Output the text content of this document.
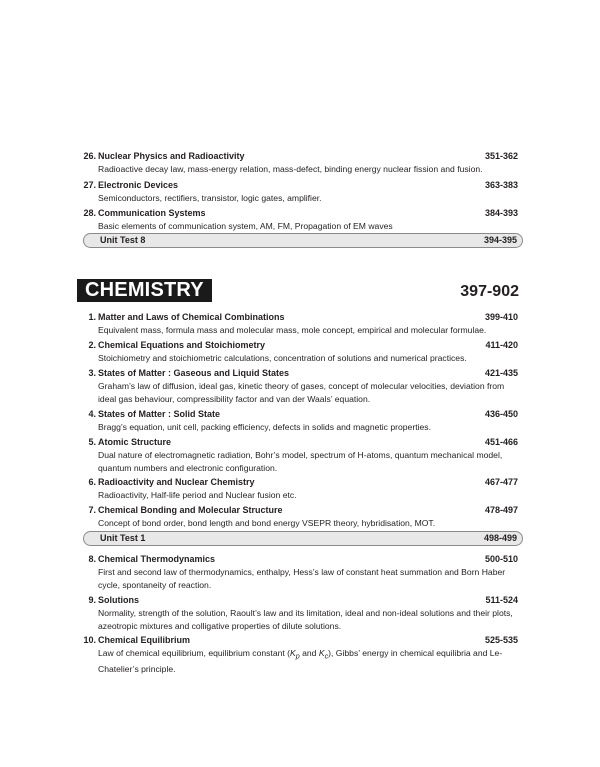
26. Nuclear Physics and Radioactivity	351-362
Radioactive decay law, mass-energy relation, mass-defect, binding energy nuclear fission and fusion.
27. Electronic Devices	363-383
Semiconductors, rectifiers, transistor, logic gates, amplifier.
28. Communication Systems	384-393
Basic elements of communication system, AM, FM, Propagation of EM waves
Unit Test 8	394-395
CHEMISTRY	397-902
1. Matter and Laws of Chemical Combinations	399-410
Equivalent mass, formula mass and molecular mass, mole concept, empirical and molecular formulae.
2. Chemical Equations and Stoichiometry	411-420
Stoichiometry and stoichiometric calculations, concentration of solutions and numerical practices.
3. States of Matter : Gaseous and Liquid States	421-435
Graham’s law of diffusion, ideal gas, kinetic theory of gases, concept of molecular velocities, deviation from ideal gas behaviour, compressibility factor and van der Waals’ equation.
4. States of Matter : Solid State	436-450
Bragg’s equation, unit cell, packing efficiency, defects in solids and magnetic properties.
5. Atomic Structure	451-466
Dual nature of electromagnetic radiation, Bohr’s model, spectrum of H-atoms, quantum mechanical model, quantum numbers and electronic configuration.
6. Radioactivity and Nuclear Chemistry	467-477
Radioactivity, Half-life period and Nuclear fusion etc.
7. Chemical Bonding and Molecular Structure	478-497
Concept of bond order, bond length and bond energy VSEPR theory, hybridisation, MOT.
Unit Test 1	498-499
8. Chemical Thermodynamics	500-510
First and second law of thermodynamics, enthalpy, Hess’s law of constant heat summation and Born Haber cycle, spontaneity of reaction.
9. Solutions	511-524
Normality, strength of the solution, Raoult’s law and its limitation, ideal and non-ideal solutions and their plots, azeotropic mixtures and colligative properties of dilute solutions.
10. Chemical Equilibrium	525-535
Law of chemical equilibrium, equilibrium constant ($K_p$ and $K_c$), Gibbs’ energy in chemical equilibria and Le-Chatelier’s principle.
